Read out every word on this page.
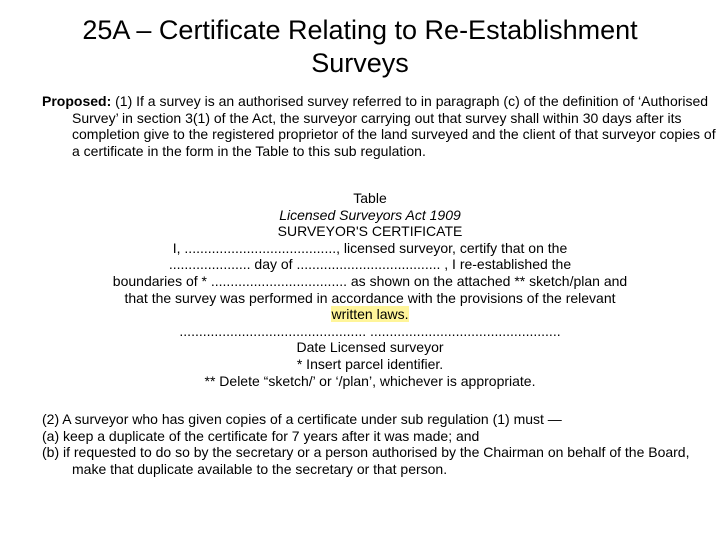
25A – Certificate Relating to Re-Establishment
Surveys
Proposed: (1) If a survey is an authorised survey referred to in paragraph (c) of the definition of ‘Authorised Survey’ in section 3(1) of the Act, the surveyor carrying out that survey shall within 30 days after its completion give to the registered proprietor of the land surveyed and the client of that surveyor copies of a certificate in the form in the Table to this sub regulation.
Table
Licensed Surveyors Act 1909
SURVEYOR'S CERTIFICATE
I, ......................................., licensed surveyor, certify that on the
..................... day of ..................................... , I re-established the
boundaries of * ................................... as shown on the attached ** sketch/plan and
that the survey was performed in accordance with the provisions of the relevant
written laws.
................................................ .................................................
Date Licensed surveyor
* Insert parcel identifier.
** Delete “sketch/’ or ‘/plan’, whichever is appropriate.
(2) A surveyor who has given copies of a certificate under sub regulation (1) must —
(a) keep a duplicate of the certificate for 7 years after it was made; and
(b) if requested to do so by the secretary or a person authorised by the Chairman on behalf of the Board, make that duplicate available to the secretary or that person.
